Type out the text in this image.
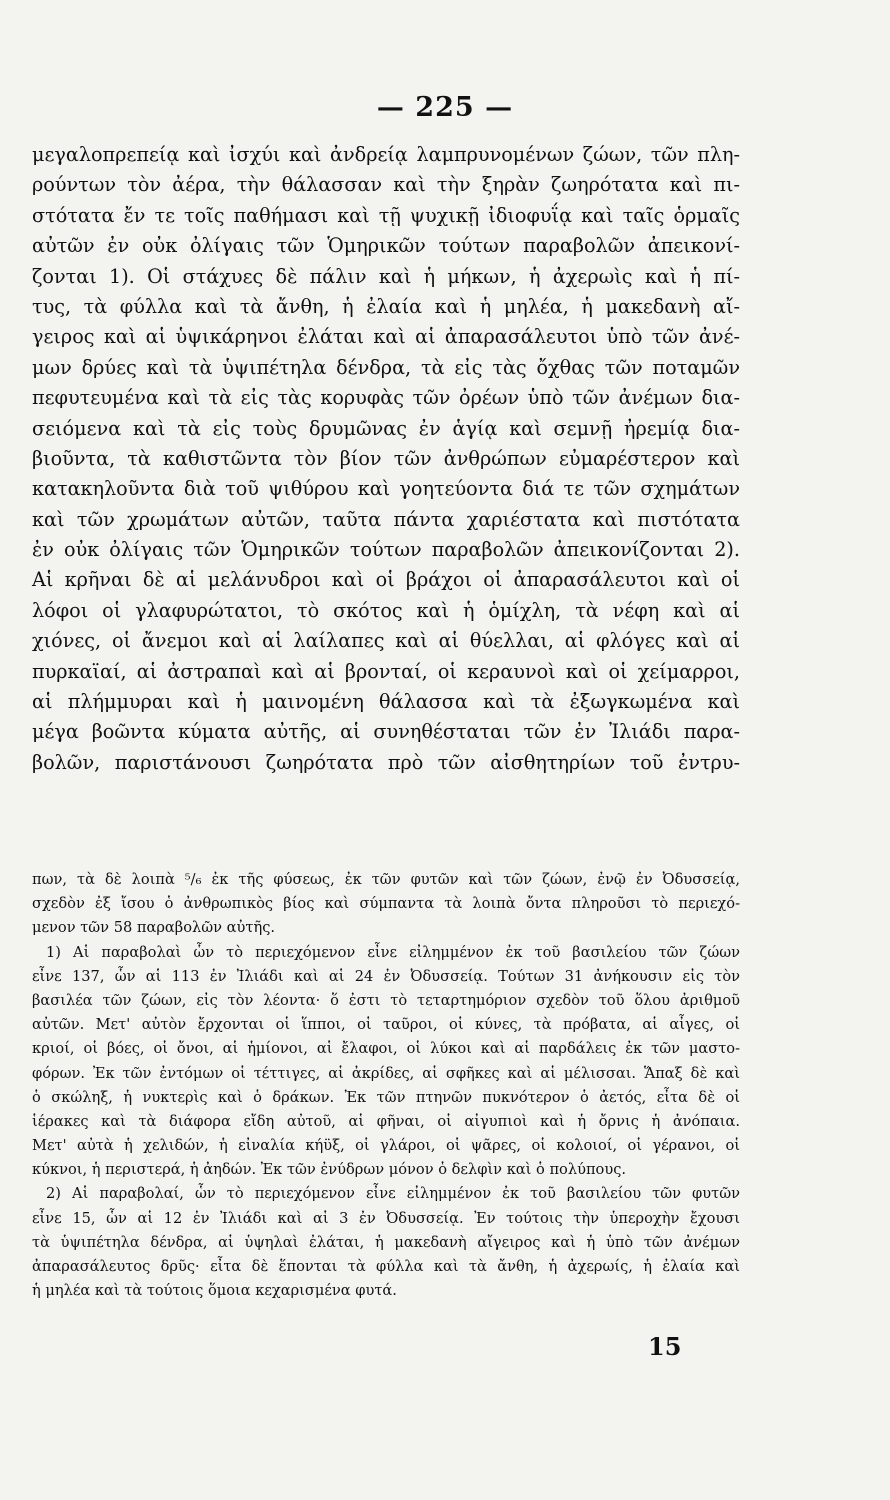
— 225 —
μεγαλοπρεπείᾳ καὶ ἰσχύι καὶ ἀνδρείᾳ λαμπρυνομένων ζώων, τῶν πλη-
ρούντων τὸν ἀέρα, τὴν θάλασσαν καὶ τὴν ξηρὰν ζωηρότατα καὶ πι-
στότατα ἔν τε τοῖς παθήμασι καὶ τῇ ψυχικῇ ἰδιοφυΐᾳ καὶ ταῖς ὁρμαῖς
αὐτῶν ἐν οὐκ ὀλίγαις τῶν Ὁμηρικῶν τούτων παραβολῶν ἀπεικονί-
ζονται 1). Οἱ στάχυες δὲ πάλιν καὶ ἡ μήκων, ἡ ἀχερωὶς καὶ ἡ πί-
τυς, τὰ φύλλα καὶ τὰ ἄνθη, ἡ ἐλαία καὶ ἡ μηλέα, ἡ μακεδανὴ αἴ-
γειρος καὶ αἱ ὑψικάρηνοι ἐλάται καὶ αἱ ἀπαρασάλευτοι ὑπὸ τῶν ἀνέ-
μων δρύες καὶ τὰ ὑψιπέτηλα δένδρα, τὰ εἰς τὰς ὄχθας τῶν ποταμῶν
πεφυτευμένα καὶ τὰ εἰς τὰς κορυφὰς τῶν ὀρέων ὑπὸ τῶν ἀνέμων δια-
σειόμενα καὶ τὰ εἰς τοὺς δρυμῶνας ἐν ἁγίᾳ καὶ σεμνῇ ἠρεμίᾳ δια-
βιοῦντα, τὰ καθιστῶντα τὸν βίον τῶν ἀνθρώπων εὐμαρέστερον καὶ
κατακηλοῦντα διὰ τοῦ ψιθύρου καὶ γοητεύοντα διά τε τῶν σχημάτων
καὶ τῶν χρωμάτων αὐτῶν, ταῦτα πάντα χαριέστατα καὶ πιστότατα
ἐν οὐκ ὀλίγαις τῶν Ὁμηρικῶν τούτων παραβολῶν ἀπεικονίζονται 2).
Αἱ κρῆναι δὲ αἱ μελάνυδροι καὶ οἱ βράχοι οἱ ἀπαρασάλευτοι καὶ οἱ
λόφοι οἱ γλαφυρώτατοι, τὸ σκότος καὶ ἡ ὁμίχλη, τὰ νέφη καὶ αἱ
χιόνες, οἱ ἄνεμοι καὶ αἱ λαίλαπες καὶ αἱ θύελλαι, αἱ φλόγες καὶ αἱ
πυρκαϊαί, αἱ ἀστραπαὶ καὶ αἱ βρονταί, οἱ κεραυνοὶ καὶ οἱ χείμαρροι,
αἱ πλήμμυραι καὶ ἡ μαινομένη θάλασσα καὶ τὰ ἐξωγκωμένα καὶ
μέγα βοῶντα κύματα αὐτῆς, αἱ συνηθέσταται τῶν ἐν Ἰλιάδι παρα-
βολῶν, παριστάνουσι ζωηρότατα πρὸ τῶν αἰσθητηρίων τοῦ ἐντρυ-
πων, τὰ δὲ λοιπὰ ⁵/₆ ἐκ τῆς φύσεως, ἐκ τῶν φυτῶν καὶ τῶν ζώων, ἐνῷ ἐν Ὀδυσσείᾳ,
σχεδὸν ἐξ ἴσου ὁ ἀνθρωπικὸς βίος καὶ σύμπαντα τὰ λοιπὰ ὄντα πληροῦσι τὸ περιεχό-
μενον τῶν 58 παραβολῶν αὐτῆς.
1) Αἱ παραβολαὶ ὧν τὸ περιεχόμενον εἶνε εἰλημμένον ἐκ τοῦ βασιλείου τῶν ζώων
εἶνε 137, ὧν αἱ 113 ἐν Ἰλιάδι καὶ αἱ 24 ἐν Ὀδυσσείᾳ. Τούτων 31 ἀνήκουσιν εἰς τὸν
βασιλέα τῶν ζώων, εἰς τὸν λέοντα· ὅ ἐστι τὸ τεταρτημόριον σχεδὸν τοῦ ὅλου ἀριθμοῦ
αὐτῶν. Μετ' αὐτὸν ἔρχονται οἱ ἵπποι, οἱ ταῦροι, οἱ κύνες, τὰ πρόβατα, αἱ αἶγες, οἱ
κριοί, οἱ βόες, οἱ ὄνοι, αἱ ἡμίονοι, αἱ ἔλαφοι, οἱ λύκοι καὶ αἱ παρδάλεις ἐκ τῶν μαστο-
φόρων. Ἐκ τῶν ἐντόμων οἱ τέττιγες, αἱ ἀκρίδες, αἱ σφῆκες καὶ αἱ μέλισσαι. Ἅπαξ δὲ καὶ
ὁ σκώληξ, ἡ νυκτερὶς καὶ ὁ δράκων. Ἐκ τῶν πτηνῶν πυκνότερον ὁ ἀετός, εἶτα δὲ οἱ
ἱέρακες καὶ τὰ διάφορα εἴδη αὐτοῦ, αἱ φῆναι, οἱ αἰγυπιοὶ καὶ ἡ ὄρνις ἡ ἀνόπαια.
Μετ' αὐτὰ ἡ χελιδών, ἡ εἰναλία κήϋξ, οἱ γλάροι, οἱ ψᾶρες, οἱ κολοιοί, οἱ γέρανοι, οἱ
κύκνοι, ἡ περιστερά, ἡ ἀηδών. Ἐκ τῶν ἐνύδρων μόνον ὁ δελφὶν καὶ ὁ πολύπους.
2) Αἱ παραβολαί, ὧν τὸ περιεχόμενον εἶνε εἰλημμένον ἐκ τοῦ βασιλείου τῶν φυτῶν
εἶνε 15, ὧν αἱ 12 ἐν Ἰλιάδι καὶ αἱ 3 ἐν Ὀδυσσείᾳ. Ἐν τούτοις τὴν ὑπεροχὴν ἔχουσι
τὰ ὑψιπέτηλα δένδρα, αἱ ὑψηλαὶ ἐλάται, ἡ μακεδανὴ αἴγειρος καὶ ἡ ὑπὸ τῶν ἀνέμων
ἀπαρασάλευτος δρῦς· εἶτα δὲ ἕπονται τὰ φύλλα καὶ τὰ ἄνθη, ἡ ἀχερωίς, ἡ ἐλαία καὶ
ἡ μηλέα καὶ τὰ τούτοις ὅμοια κεχαρισμένα φυτά.
15
